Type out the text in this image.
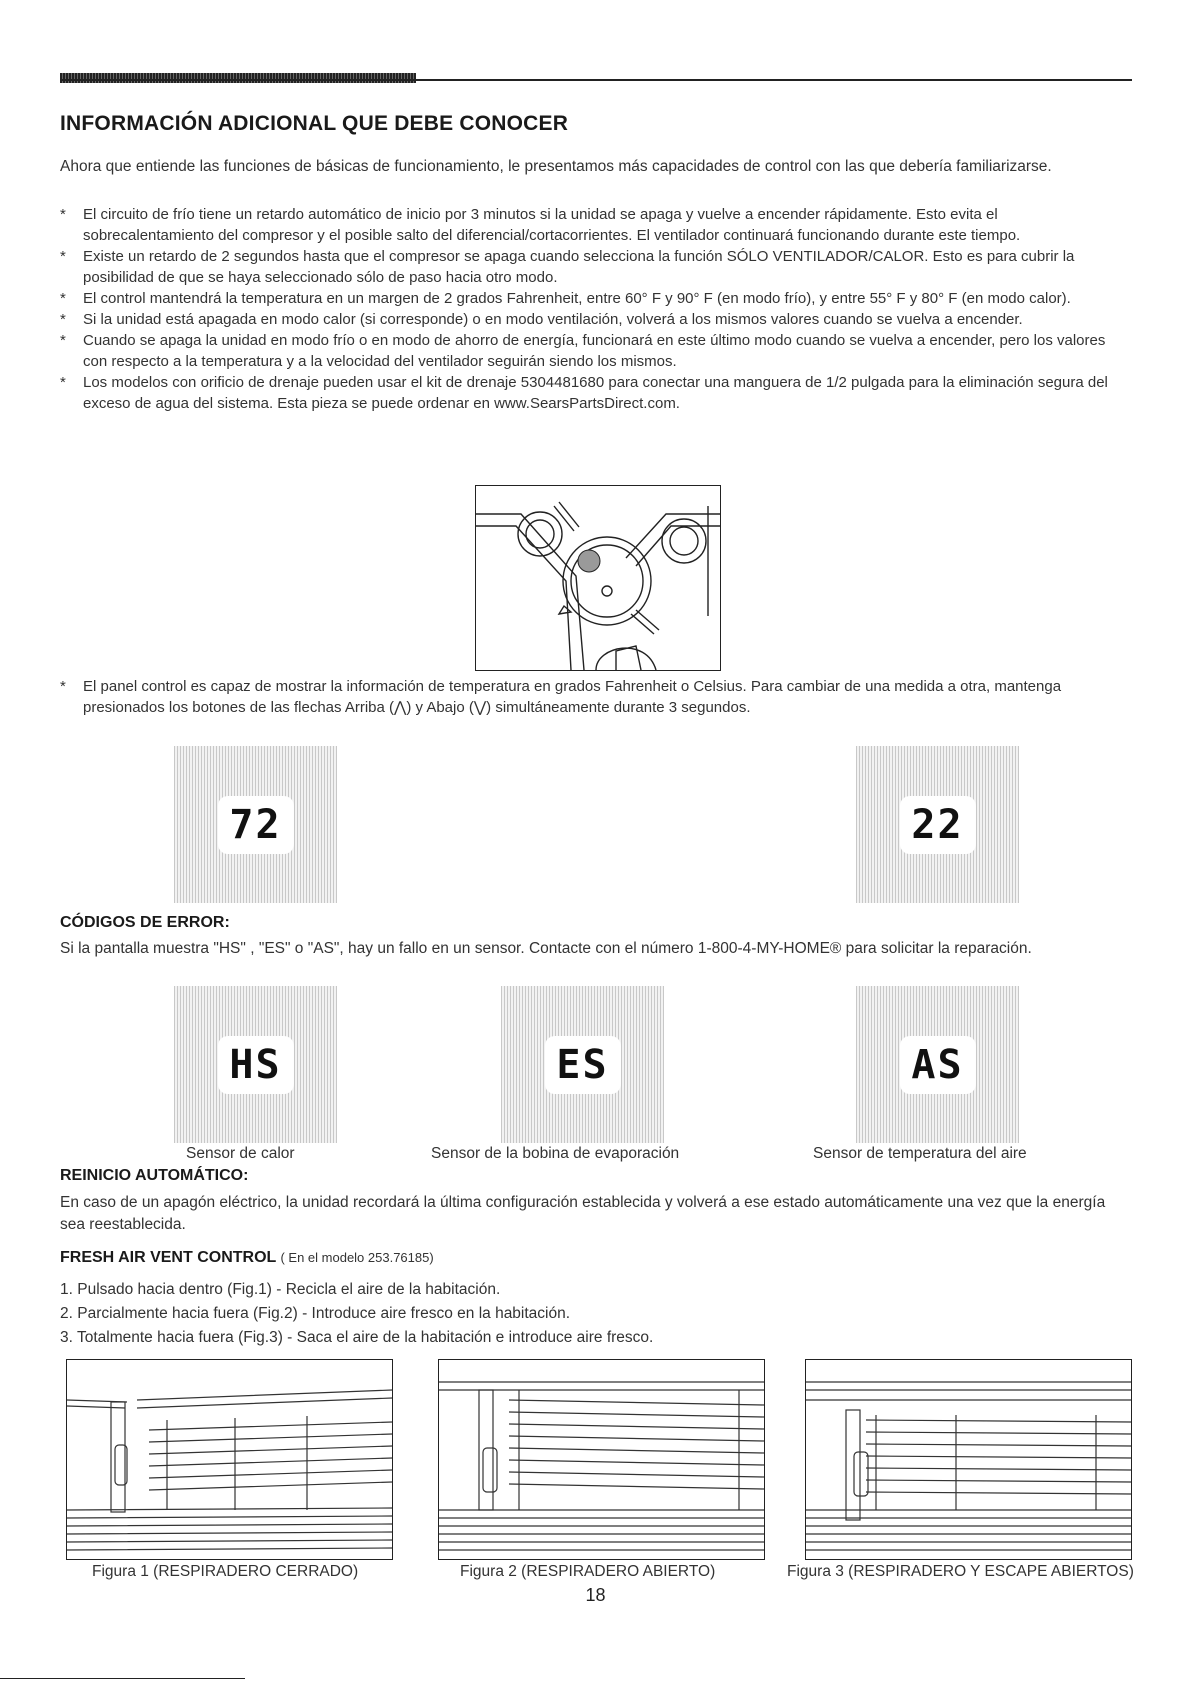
INFORMACIÓN ADICIONAL QUE DEBE CONOCER
Ahora que entiende las funciones de básicas de funcionamiento, le presentamos más capacidades de control con las que debería familiarizarse.
* El circuito de frío tiene un retardo automático de inicio por 3 minutos si la unidad se apaga y vuelve a encender rápidamente. Esto evita el sobrecalentamiento del compresor y el posible salto del diferencial/cortacorrientes. El ventilador continuará funcionando durante este tiempo.
* Existe un retardo de 2 segundos hasta que el compresor se apaga cuando selecciona la función SÓLO VENTILADOR/CALOR. Esto es para cubrir la posibilidad de que se haya seleccionado sólo de paso hacia otro modo.
* El control mantendrá la temperatura en un margen de 2 grados Fahrenheit, entre 60° F y 90° F (en modo frío), y entre 55° F y 80° F (en modo calor).
* Si la unidad está apagada en modo calor (si corresponde) o en modo ventilación, volverá a los mismos valores cuando se vuelva a encender.
* Cuando se apaga la unidad en modo frío o en modo de ahorro de energía, funcionará en este último modo cuando se vuelva a encender, pero los valores con respecto a la temperatura y a la velocidad del ventilador seguirán siendo los mismos.
* Los modelos con orificio de drenaje pueden usar el kit de drenaje 5304481680 para conectar una manguera de 1/2 pulgada para la eliminación segura del exceso de agua del sistema. Esta pieza se puede ordenar en www.SearsPartsDirect.com.
* El panel control es capaz de mostrar la información de temperatura en grados Fahrenheit o Celsius. Para cambiar de una medida a otra, mantenga presionados los botones de las flechas Arriba (⋀) y Abajo (⋁) simultáneamente durante 3 segundos.
72	22
CÓDIGOS DE ERROR:
Si la pantalla muestra "HS" , "ES" o "AS", hay un fallo en un sensor. Contacte con el número 1-800-4-MY-HOME® para solicitar la reparación.
HS	ES	AS
Sensor de calor	Sensor de la bobina de evaporación	Sensor de temperatura del aire
REINICIO AUTOMÁTICO:
En caso de un apagón eléctrico, la unidad recordará la última configuración establecida y volverá a ese estado automáticamente una vez que la energía sea reestablecida.
FRESH AIR VENT CONTROL ( En el modelo 253.76185)
1. Pulsado hacia dentro (Fig.1) - Recicla el aire de la habitación.
2. Parcialmente hacia fuera (Fig.2) - Introduce aire fresco en la habitación.
3. Totalmente hacia fuera (Fig.3) - Saca el aire de la habitación e introduce aire fresco.
Figura 1 (RESPIRADERO CERRADO)	Figura 2 (RESPIRADERO ABIERTO)	Figura 3 (RESPIRADERO Y ESCAPE ABIERTOS)
18
